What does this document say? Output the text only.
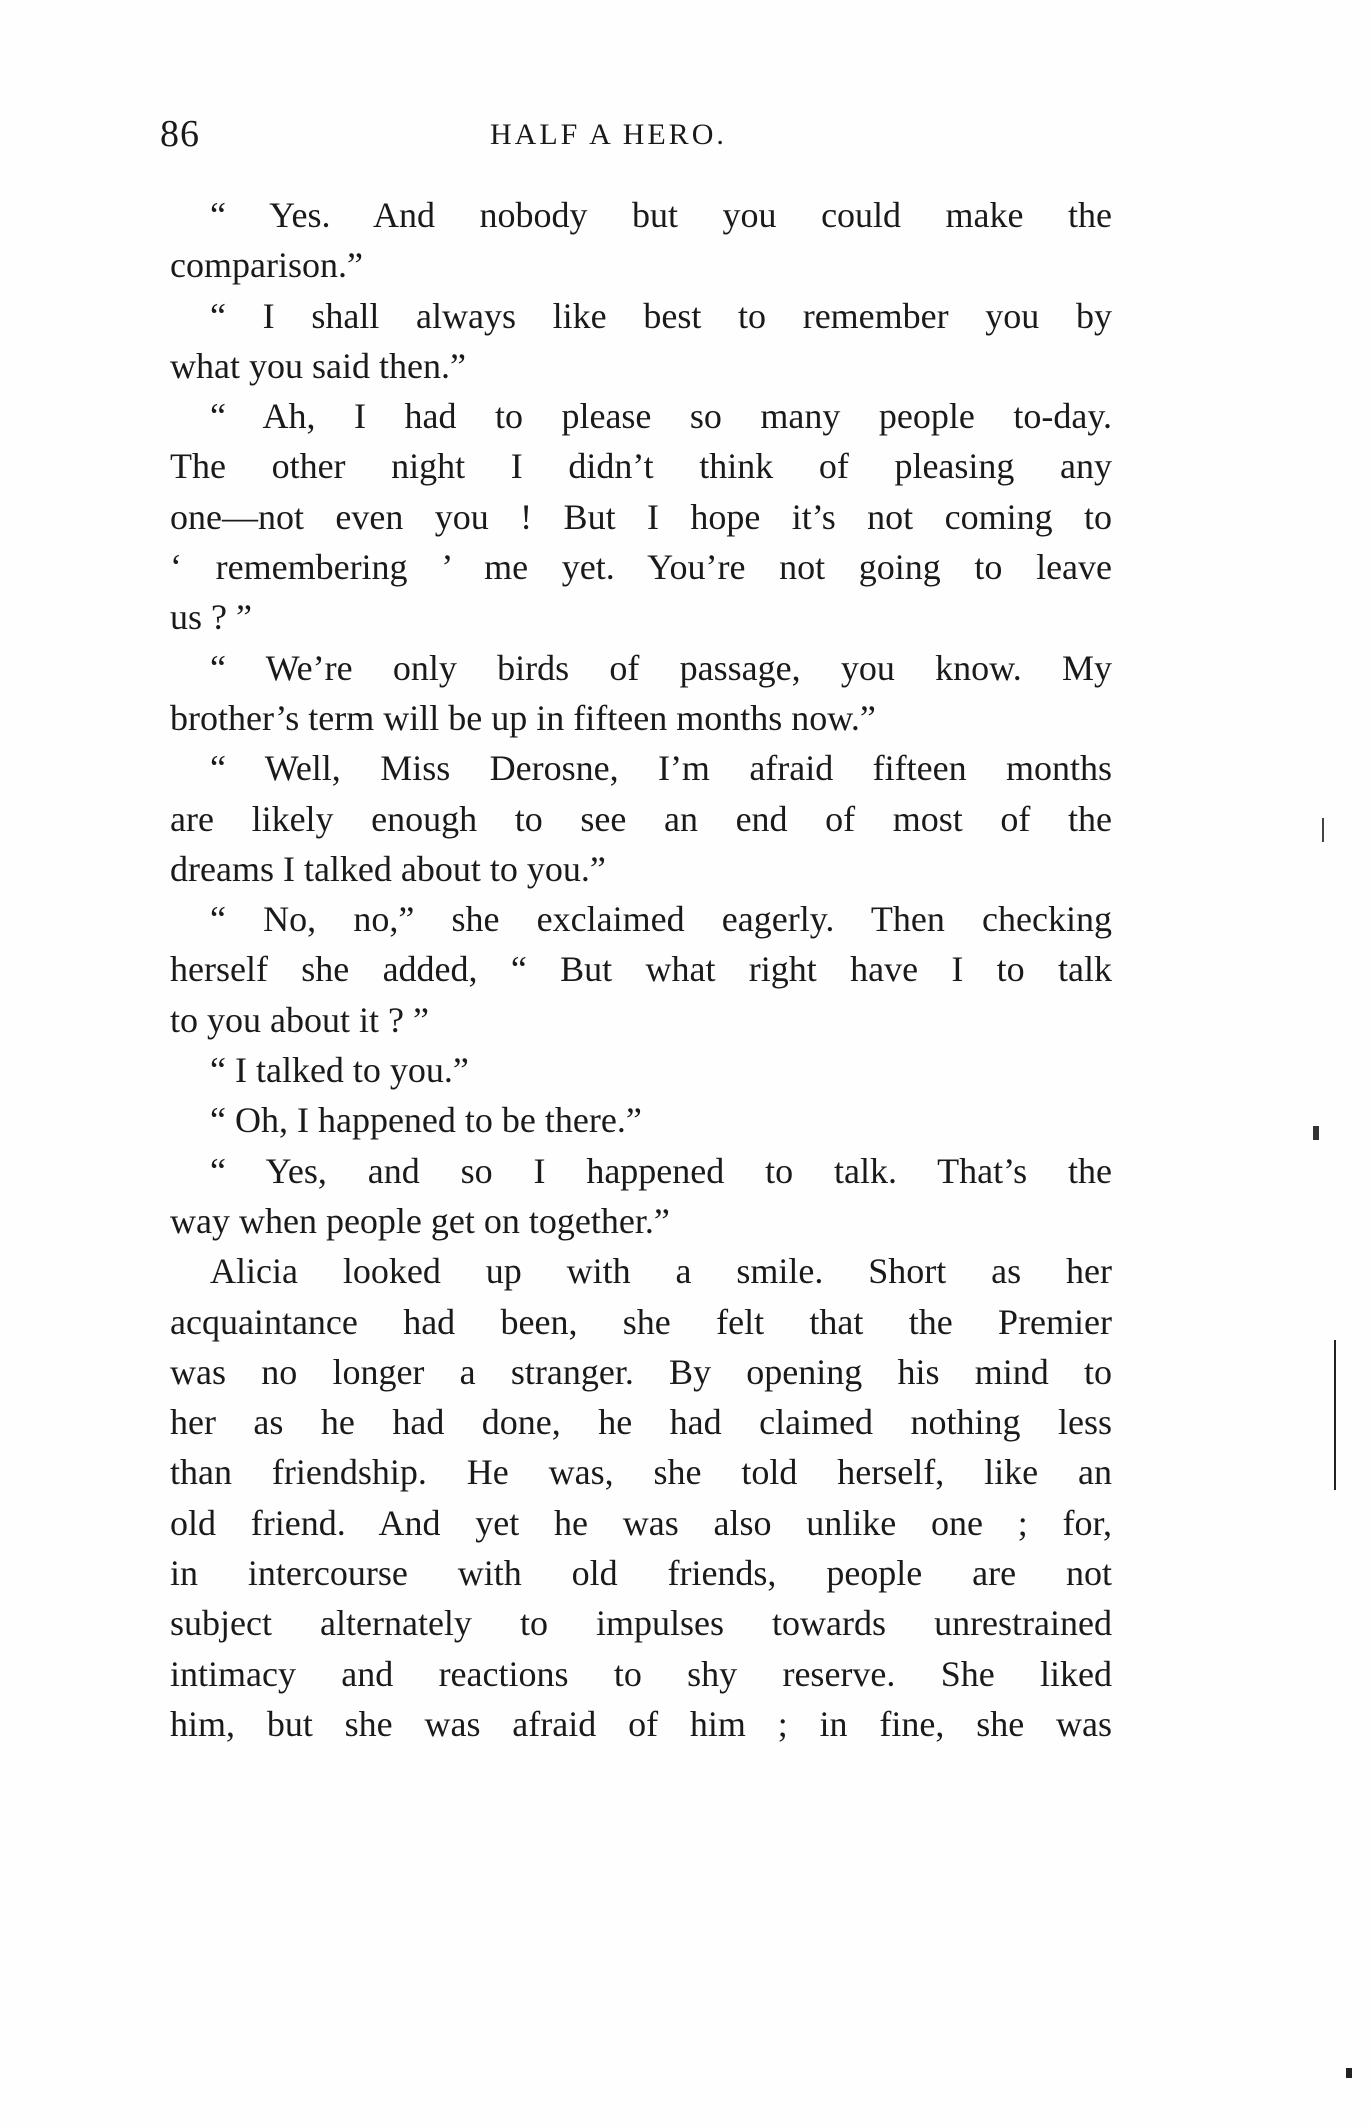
86	HALF A HERO.
“ Yes. And nobody but you could make the
comparison.”
“ I shall always like best to remember you by
what you said then.”
“ Ah, I had to please so many people to-day.
The other night I didn’t think of pleasing any
one—not even you ! But I hope it’s not coming to
‘ remembering ’ me yet. You’re not going to leave
us ? ”
“ We’re only birds of passage, you know. My
brother’s term will be up in fifteen months now.”
“ Well, Miss Derosne, I’m afraid fifteen months
are likely enough to see an end of most of the
dreams I talked about to you.”
“ No, no,” she exclaimed eagerly. Then checking
herself she added, “ But what right have I to talk
to you about it ? ”
“ I talked to you.”
“ Oh, I happened to be there.”
“ Yes, and so I happened to talk. That’s the
way when people get on together.”
Alicia looked up with a smile. Short as her
acquaintance had been, she felt that the Premier
was no longer a stranger. By opening his mind to
her as he had done, he had claimed nothing less
than friendship. He was, she told herself, like an
old friend. And yet he was also unlike one ; for,
in intercourse with old friends, people are not
subject alternately to impulses towards unrestrained
intimacy and reactions to shy reserve. She liked
him, but she was afraid of him ; in fine, she was
